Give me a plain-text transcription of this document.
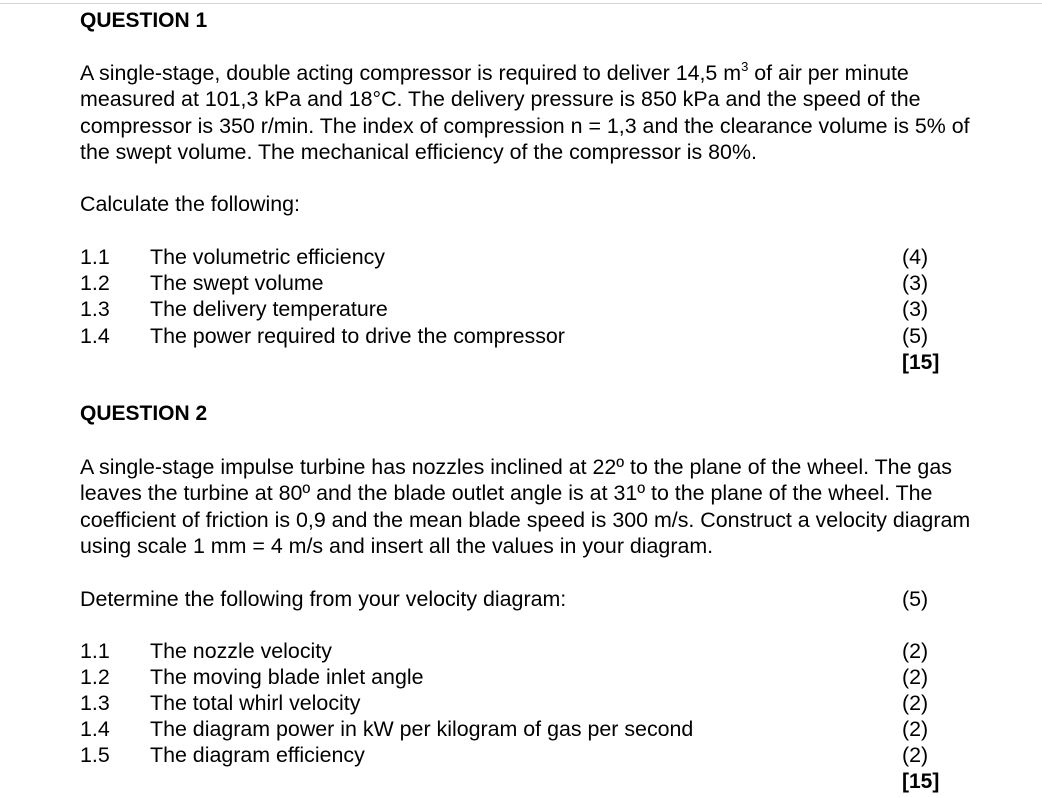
QUESTION 1

A single-stage, double acting compressor is required to deliver 14,5 $m^3$ of air per minute measured at 101,3 kPa and 18°C. The delivery pressure is 850 kPa and the speed of the compressor is 350 r/min. The index of compression n = 1,3 and the clearance volume is 5% of the swept volume. The mechanical efficiency of the compressor is 80%.

Calculate the following:

1.1 The volumetric efficiency	(4)
1.2 The swept volume	(3)
1.3 The delivery temperature	(3)
1.4 The power required to drive the compressor	(5)
[15]
QUESTION 2

A single-stage impulse turbine has nozzles inclined at 22º to the plane of the wheel. The gas leaves the turbine at 80º and the blade outlet angle is at 31º to the plane of the wheel. The coefficient of friction is 0,9 and the mean blade speed is 300 m/s. Construct a velocity diagram using scale 1 mm = 4 m/s and insert all the values in your diagram.

Determine the following from your velocity diagram:	(5)

1.1 The nozzle velocity	(2)
1.2 The moving blade inlet angle	(2)
1.3 The total whirl velocity	(2)
1.4 The diagram power in kW per kilogram of gas per second	(2)
1.5 The diagram efficiency	(2)
[15]
